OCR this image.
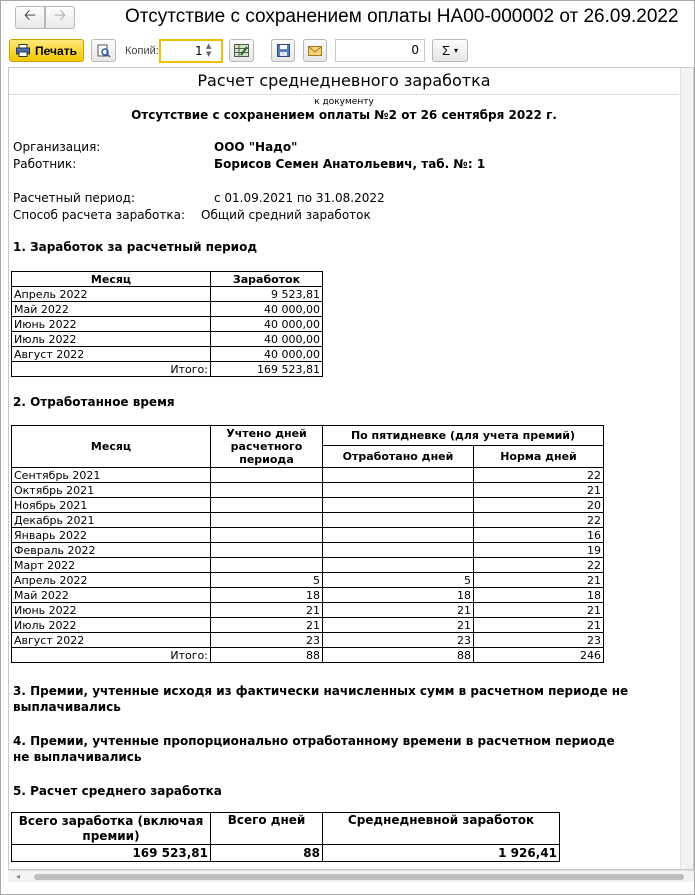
🡠 🡢	Отсутствие с сохранением оплаты НА00-000002 от 26.09.2022
Печать	Копий:	1 ▲
▼	0	Σ ▾
Расчет среднедневного заработка
к документу
Отсутствие с сохранением оплаты №2 от 26 сентября 2022 г.
Организация:	ООО "Надо"
Работник:	Борисов Семен Анатольевич, таб. №: 1
Расчетный период:	с 01.09.2021 по 31.08.2022
Способ расчета заработка: Общий средний заработок
1. Заработок за расчетный период
Месяц	Заработок
Апрель 2022	9 523,81
Май 2022	40 000,00
Июнь 2022	40 000,00
Июль 2022	40 000,00
Август 2022	40 000,00
Итого:	169 523,81
2. Отработанное время
Месяц	Учтено дней расчетного периода	По пятидневке (для учета премий)	
		Отработано дней	Норма дней
Сентябрь 2021			22
Октябрь 2021			21
Ноябрь 2021			20
Декабрь 2021			22
Январь 2022			16
Февраль 2022			19
Март 2022			22
Апрель 2022	5	5	21
Май 2022	18	18	18
Июнь 2022	21	21	21
Июль 2022	21	21	21
Август 2022	23	23	23
Итого:	88	88	246
3. Премии, учтенные исходя из фактически начисленных сумм в расчетном периоде не
выплачивались
4. Премии, учтенные пропорционально отработанному времени в расчетном периоде
не выплачивались
5. Расчет среднего заработка
Всего заработка (включая премии)	Всего дней	Среднедневной заработок
169 523,81	88	1 926,41
◂
